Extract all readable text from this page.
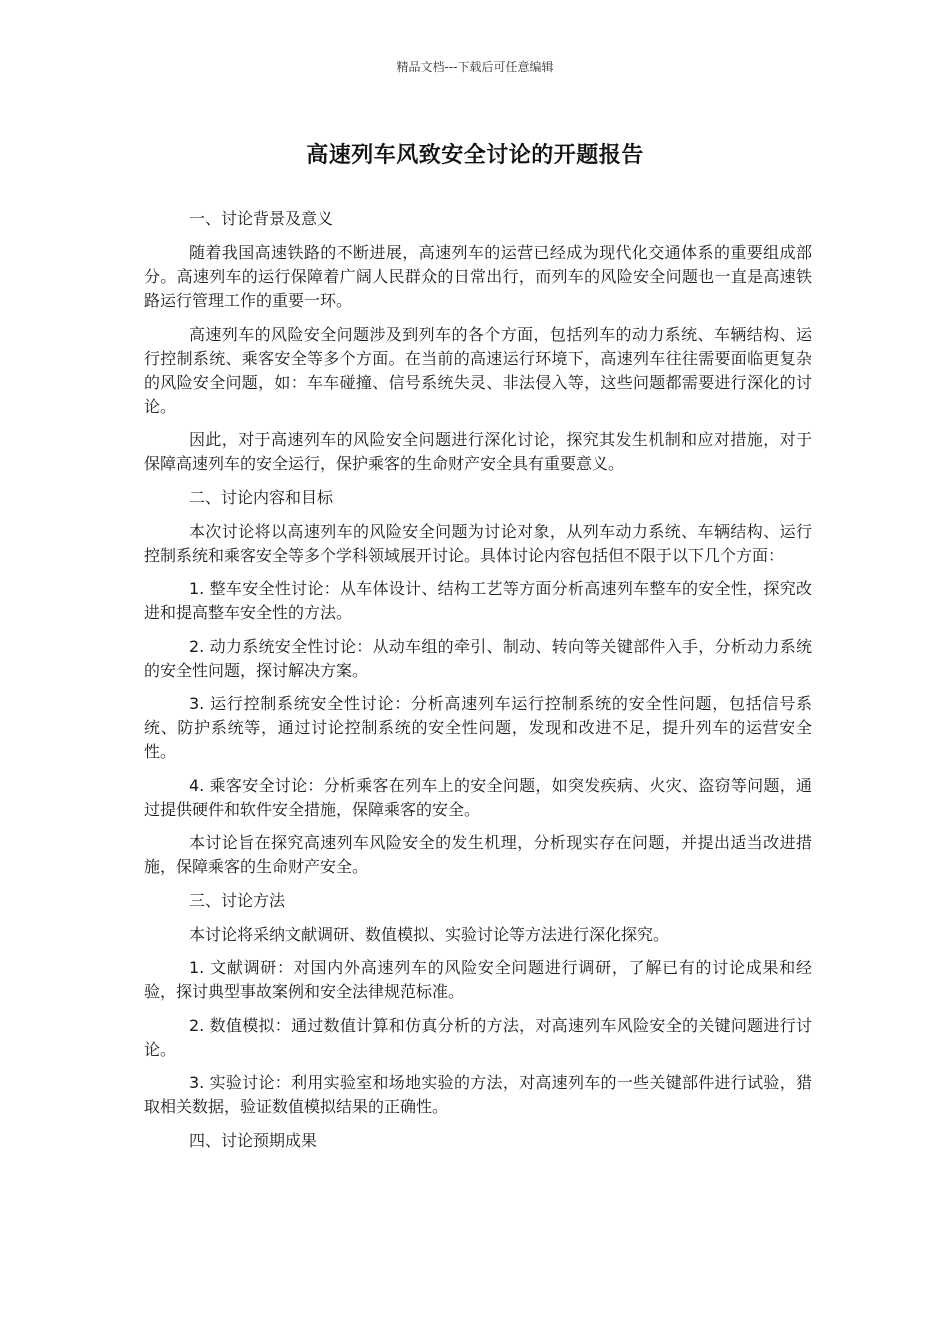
精品文档---下载后可任意编辑
高速列车风致安全讨论的开题报告

一、讨论背景及意义

随着我国高速铁路的不断进展，高速列车的运营已经成为现代化交通体系的重要组成部分。高速列车的运行保障着广阔人民群众的日常出行，而列车的风险安全问题也一直是高速铁路运行管理工作的重要一环。

高速列车的风险安全问题涉及到列车的各个方面，包括列车的动力系统、车辆结构、运行控制系统、乘客安全等多个方面。在当前的高速运行环境下，高速列车往往需要面临更复杂的风险安全问题，如：车车碰撞、信号系统失灵、非法侵入等，这些问题都需要进行深化的讨论。

因此，对于高速列车的风险安全问题进行深化讨论，探究其发生机制和应对措施，对于保障高速列车的安全运行，保护乘客的生命财产安全具有重要意义。

二、讨论内容和目标

本次讨论将以高速列车的风险安全问题为讨论对象，从列车动力系统、车辆结构、运行控制系统和乘客安全等多个学科领域展开讨论。具体讨论内容包括但不限于以下几个方面：

1. 整车安全性讨论：从车体设计、结构工艺等方面分析高速列车整车的安全性，探究改进和提高整车安全性的方法。

2. 动力系统安全性讨论：从动车组的牵引、制动、转向等关键部件入手，分析动力系统的安全性问题，探讨解决方案。

3. 运行控制系统安全性讨论：分析高速列车运行控制系统的安全性问题，包括信号系统、防护系统等，通过讨论控制系统的安全性问题，发现和改进不足，提升列车的运营安全性。

4. 乘客安全讨论：分析乘客在列车上的安全问题，如突发疾病、火灾、盗窃等问题，通过提供硬件和软件安全措施，保障乘客的安全。

本讨论旨在探究高速列车风险安全的发生机理，分析现实存在问题，并提出适当改进措施，保障乘客的生命财产安全。

三、讨论方法

本讨论将采纳文献调研、数值模拟、实验讨论等方法进行深化探究。

1. 文献调研：对国内外高速列车的风险安全问题进行调研，了解已有的讨论成果和经验，探讨典型事故案例和安全法律规范标准。

2. 数值模拟：通过数值计算和仿真分析的方法，对高速列车风险安全的关键问题进行讨论。

3. 实验讨论：利用实验室和场地实验的方法，对高速列车的一些关键部件进行试验，猎取相关数据，验证数值模拟结果的正确性。

四、讨论预期成果
